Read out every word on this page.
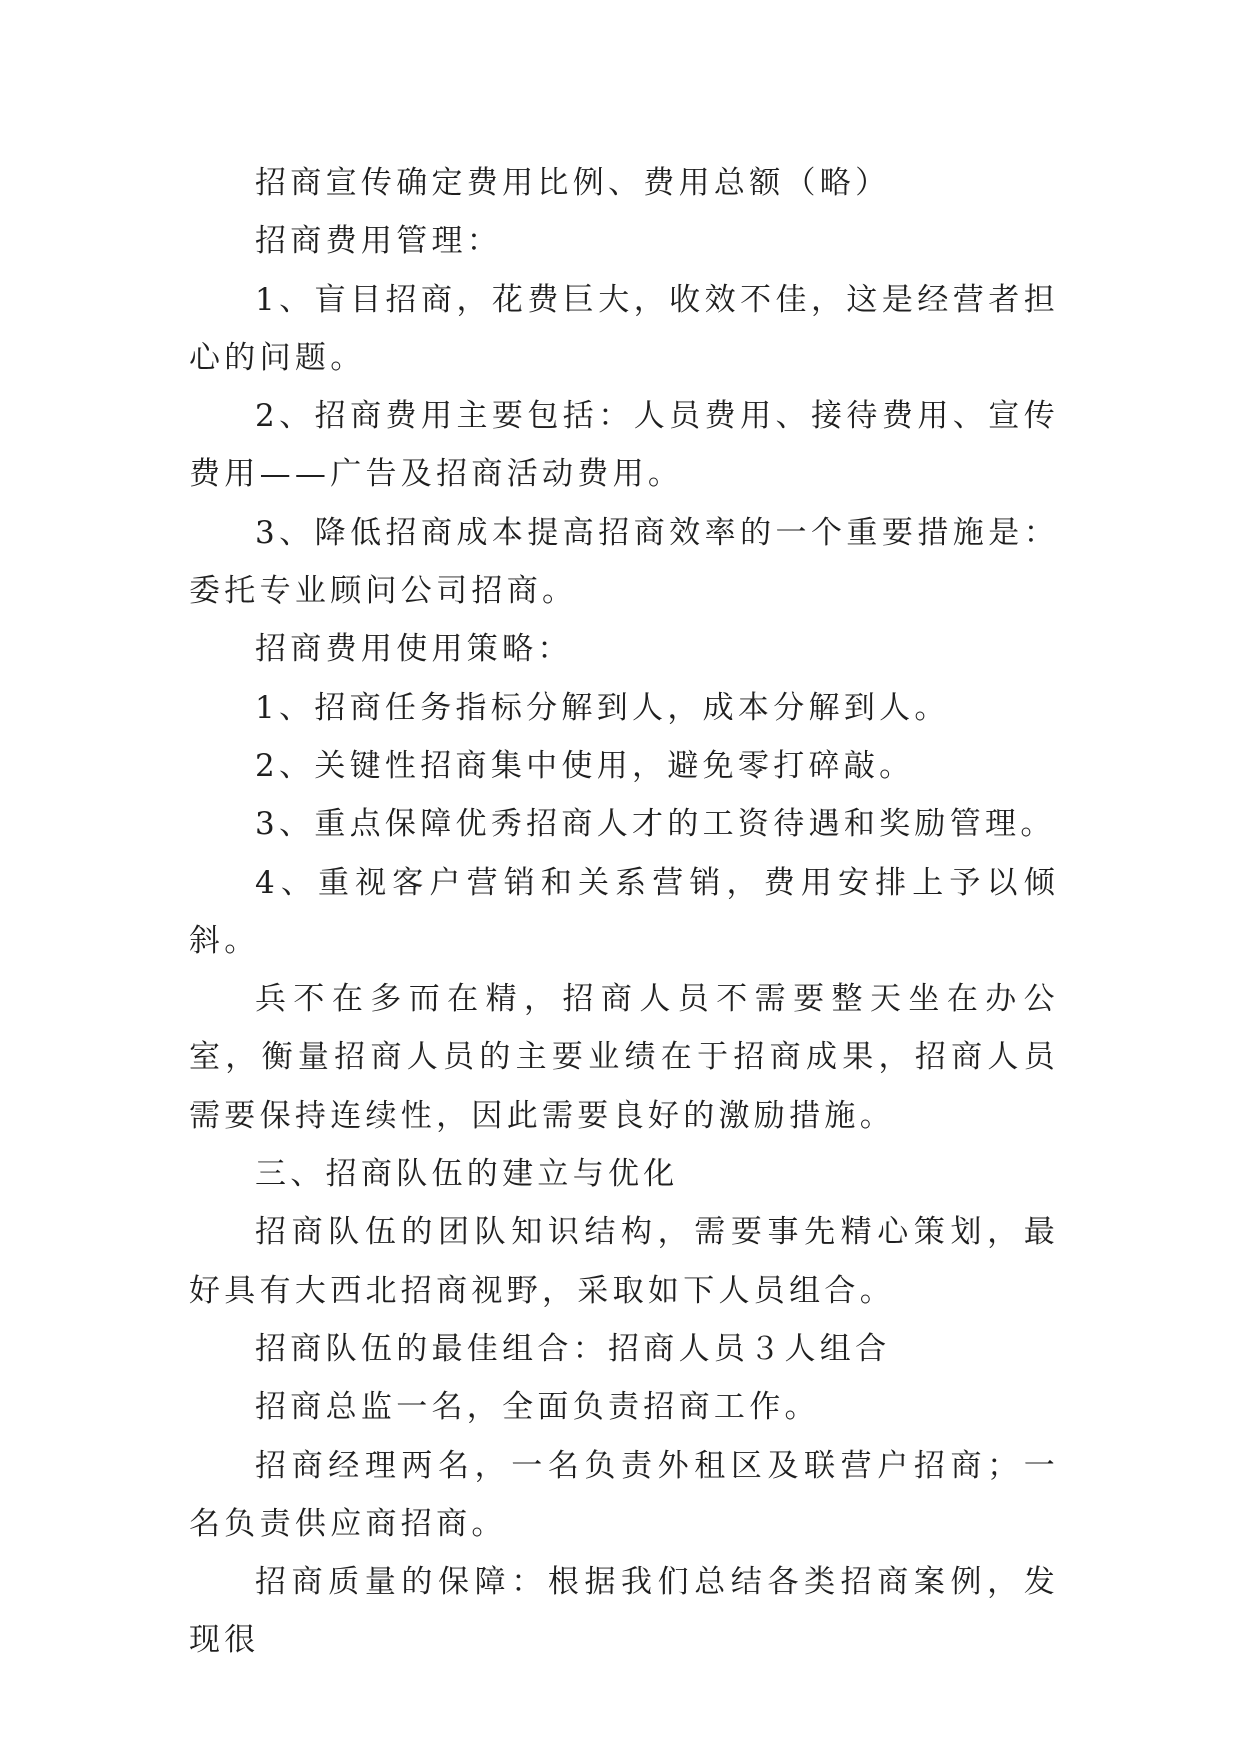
招商宣传确定费用比例、费用总额（略）

招商费用管理：

1、盲目招商，花费巨大，收效不佳，这是经营者担心的问题。

2、招商费用主要包括：人员费用、接待费用、宣传费用——广告及招商活动费用。

3、降低招商成本提高招商效率的一个重要措施是：委托专业顾问公司招商。

招商费用使用策略：

1、招商任务指标分解到人，成本分解到人。

2、关键性招商集中使用，避免零打碎敲。

3、重点保障优秀招商人才的工资待遇和奖励管理。

4、重视客户营销和关系营销，费用安排上予以倾斜。

兵不在多而在精，招商人员不需要整天坐在办公室，衡量招商人员的主要业绩在于招商成果，招商人员需要保持连续性，因此需要良好的激励措施。

三、招商队伍的建立与优化

招商队伍的团队知识结构，需要事先精心策划，最好具有大西北招商视野，采取如下人员组合。

招商队伍的最佳组合：招商人员３人组合

招商总监一名，全面负责招商工作。

招商经理两名，一名负责外租区及联营户招商；一名负责供应商招商。

招商质量的保障：根据我们总结各类招商案例，发现很
